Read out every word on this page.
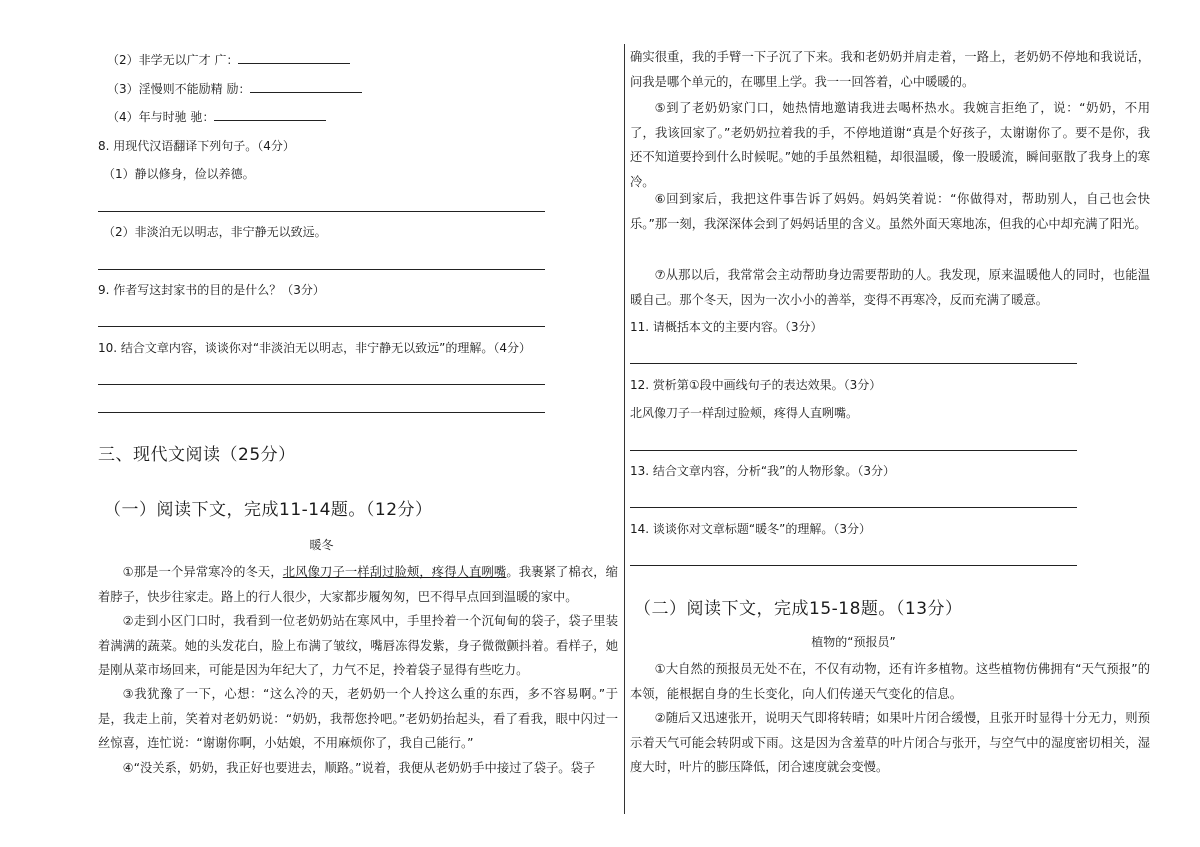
（2）非学无以广才 广：
（3）淫慢则不能励精 励：
（4）年与时驰 驰：
8. 用现代汉语翻译下列句子。（4分）
（1）静以修身，俭以养德。
（2）非淡泊无以明志，非宁静无以致远。
9. 作者写这封家书的目的是什么？（3分）
10. 结合文章内容，谈谈你对“非淡泊无以明志，非宁静无以致远”的理解。（4分）
三、现代文阅读（25分）
（一）阅读下文，完成11-14题。（12分）
暖冬

①那是一个异常寒冷的冬天，北风像刀子一样刮过脸颊，疼得人直咧嘴。我裹紧了棉衣，缩着脖子，快步往家走。路上的行人很少，大家都步履匆匆，巴不得早点回到温暖的家中。

②走到小区门口时，我看到一位老奶奶站在寒风中，手里拎着一个沉甸甸的袋子，袋子里装着满满的蔬菜。她的头发花白，脸上布满了皱纹，嘴唇冻得发紫，身子微微颤抖着。看样子，她是刚从菜市场回来，可能是因为年纪大了，力气不足，拎着袋子显得有些吃力。

③我犹豫了一下，心想：“这么冷的天，老奶奶一个人拎这么重的东西，多不容易啊。”于是，我走上前，笑着对老奶奶说：“奶奶，我帮您拎吧。”老奶奶抬起头，看了看我，眼中闪过一丝惊喜，连忙说：“谢谢你啊，小姑娘，不用麻烦你了，我自己能行。”

④“没关系，奶奶，我正好也要进去，顺路。”说着，我便从老奶奶手中接过了袋子。袋子

确实很重，我的手臂一下子沉了下来。我和老奶奶并肩走着，一路上，老奶奶不停地和我说话，问我是哪个单元的，在哪里上学。我一一回答着，心中暖暖的。

⑤到了老奶奶家门口，她热情地邀请我进去喝杯热水。我婉言拒绝了，说：“奶奶，不用了，我该回家了。”老奶奶拉着我的手，不停地道谢“真是个好孩子，太谢谢你了。要不是你，我还不知道要拎到什么时候呢。”她的手虽然粗糙，却很温暖，像一股暖流，瞬间驱散了我身上的寒冷。

⑥回到家后，我把这件事告诉了妈妈。妈妈笑着说：“你做得对，帮助别人，自己也会快乐。”那一刻，我深深体会到了妈妈话里的含义。虽然外面天寒地冻，但我的心中却充满了阳光。

⑦从那以后，我常常会主动帮助身边需要帮助的人。我发现，原来温暖他人的同时，也能温暖自己。那个冬天，因为一次小小的善举，变得不再寒冷，反而充满了暖意。

11. 请概括本文的主要内容。（3分）
12. 赏析第①段中画线句子的表达效果。（3分）
北风像刀子一样刮过脸颊，疼得人直咧嘴。
13. 结合文章内容，分析“我”的人物形象。（3分）
14. 谈谈你对文章标题“暖冬”的理解。（3分）
（二）阅读下文，完成15-18题。（13分）
植物的“预报员”

①大自然的预报员无处不在，不仅有动物，还有许多植物。这些植物仿佛拥有“天气预报”的本领，能根据自身的生长变化，向人们传递天气变化的信息。

②随后又迅速张开，说明天气即将转晴；如果叶片闭合缓慢，且张开时显得十分无力，则预示着天气可能会转阴或下雨。这是因为含羞草的叶片闭合与张开，与空气中的湿度密切相关，湿度大时，叶片的膨压降低，闭合速度就会变慢。
